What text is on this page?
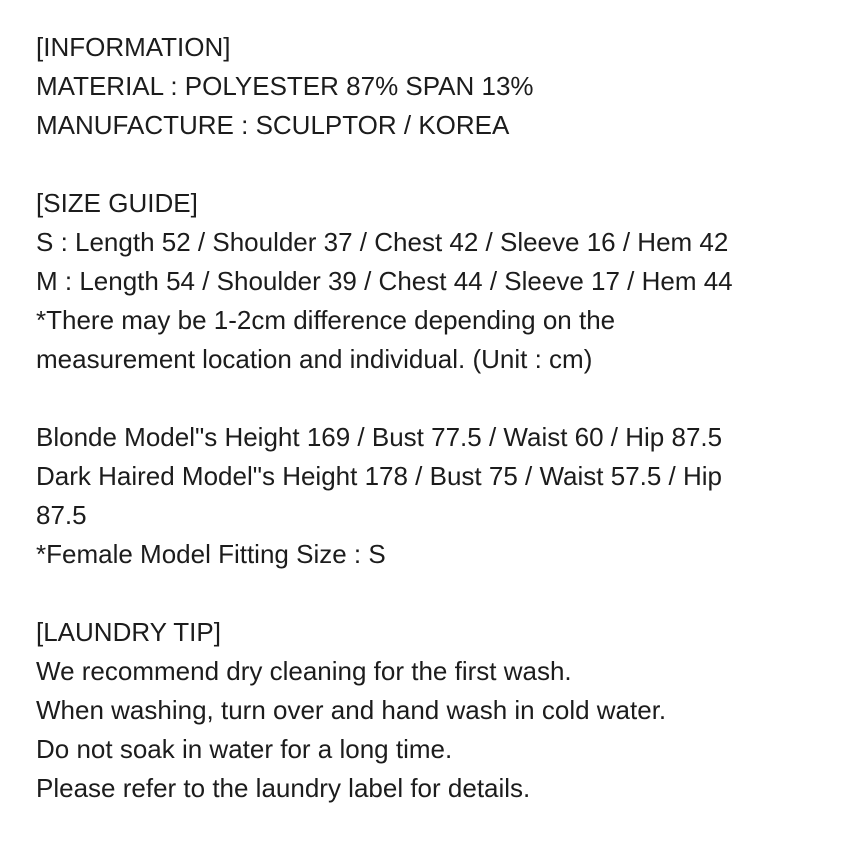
[INFORMATION]
MATERIAL : POLYESTER 87% SPAN 13%
MANUFACTURE : SCULPTOR / KOREA
[SIZE GUIDE]
S : Length 52 / Shoulder 37 / Chest 42 / Sleeve 16 / Hem 42
M : Length 54 / Shoulder 39 / Chest 44 / Sleeve 17 / Hem 44
*There may be 1-2cm difference depending on the
measurement location and individual. (Unit : cm)
Blonde Model"s Height 169 / Bust 77.5 / Waist 60 / Hip 87.5
Dark Haired Model"s Height 178 / Bust 75 / Waist 57.5 / Hip
87.5
*Female Model Fitting Size : S
[LAUNDRY TIP]
We recommend dry cleaning for the first wash.
When washing, turn over and hand wash in cold water.
Do not soak in water for a long time.
Please refer to the laundry label for details.
